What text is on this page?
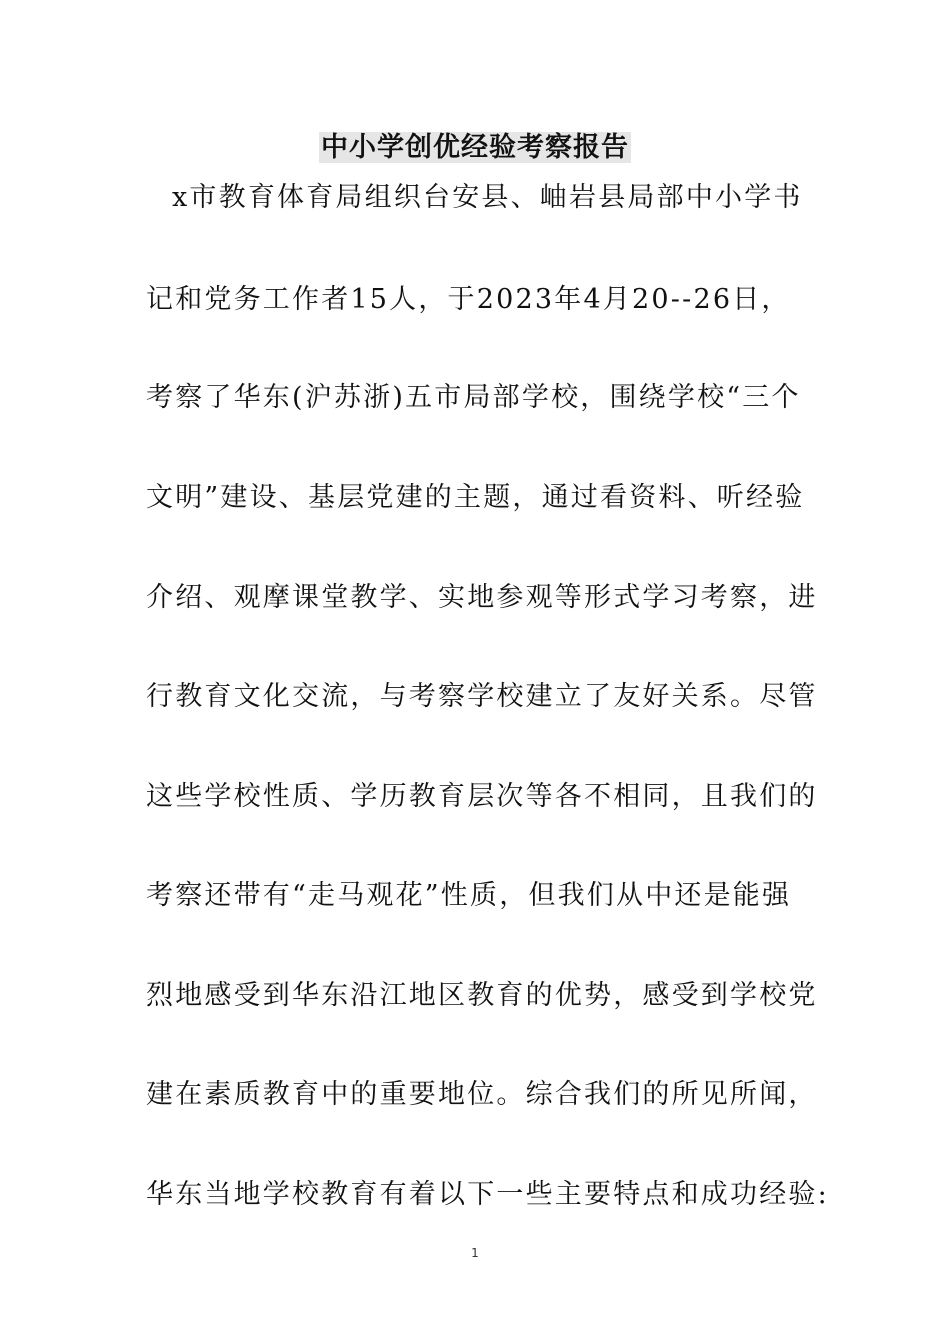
中小学创优经验考察报告
x市教育体育局组织台安县、岫岩县局部中小学书
记和党务工作者15人，于2023年4月20--26日，
考察了华东(沪苏浙)五市局部学校，围绕学校“三个
文明”建设、基层党建的主题，通过看资料、听经验
介绍、观摩课堂教学、实地参观等形式学习考察，进
行教育文化交流，与考察学校建立了友好关系。尽管
这些学校性质、学历教育层次等各不相同，且我们的
考察还带有“走马观花”性质，但我们从中还是能强
烈地感受到华东沿江地区教育的优势，感受到学校党
建在素质教育中的重要地位。综合我们的所见所闻，
华东当地学校教育有着以下一些主要特点和成功经验:
1
